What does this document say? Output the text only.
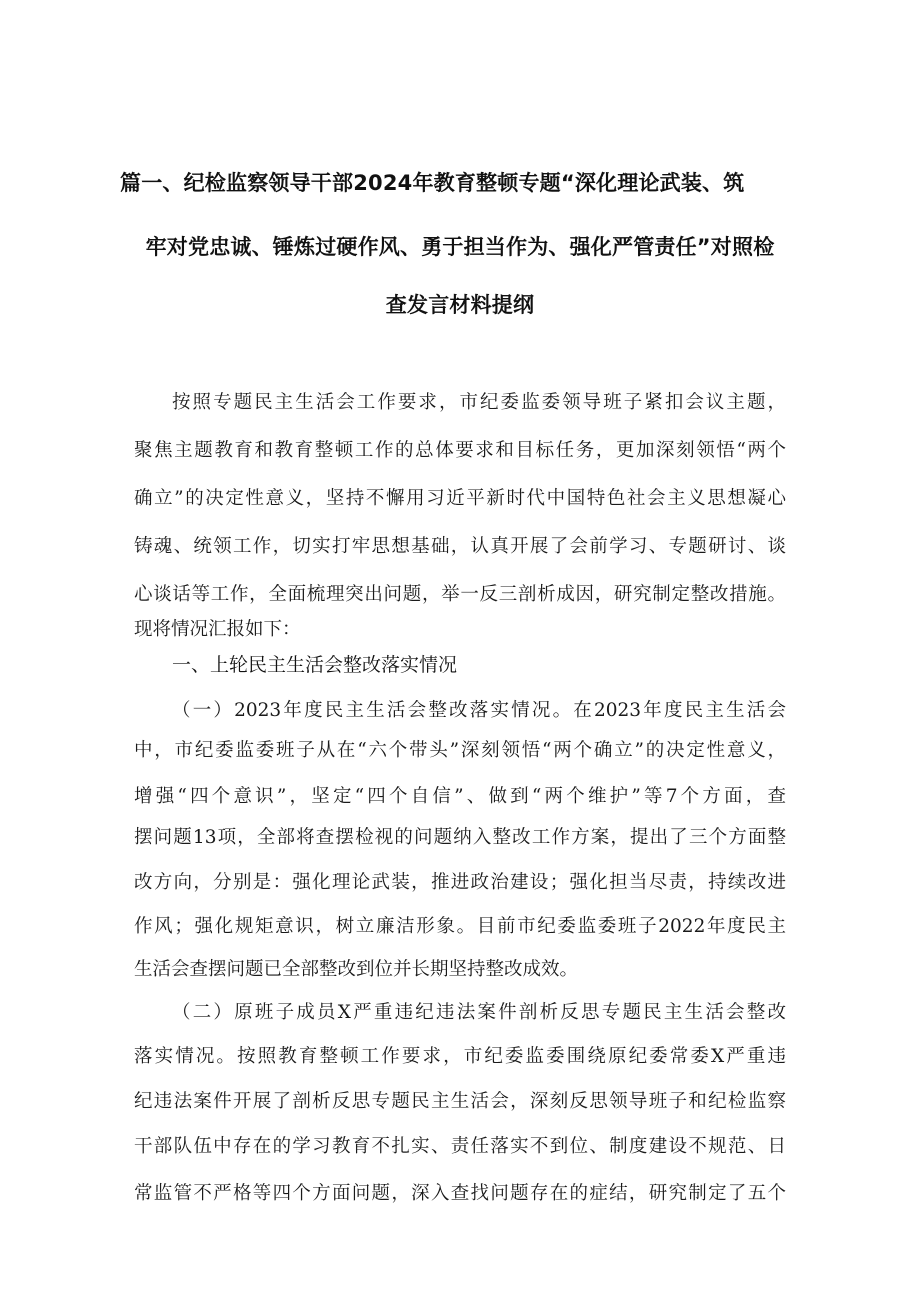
篇一、纪检监察领导干部2024年教育整顿专题“深化理论武装、筑
牢对党忠诚、锤炼过硬作风、勇于担当作为、强化严管责任”对照检
查发言材料提纲
按照专题民主生活会工作要求，市纪委监委领导班子紧扣会议主题，
聚焦主题教育和教育整顿工作的总体要求和目标任务，更加深刻领悟“两个
确立”的决定性意义，坚持不懈用习近平新时代中国特色社会主义思想凝心
铸魂、统领工作，切实打牢思想基础，认真开展了会前学习、专题研讨、谈
心谈话等工作，全面梳理突出问题，举一反三剖析成因，研究制定整改措施。
现将情况汇报如下：
一、上轮民主生活会整改落实情况
（一）2023年度民主生活会整改落实情况。在2023年度民主生活会
中，市纪委监委班子从在“六个带头”深刻领悟“两个确立”的决定性意义，
增强“四个意识”，坚定“四个自信”、做到“两个维护”等7个方面，查
摆问题13项，全部将查摆检视的问题纳入整改工作方案，提出了三个方面整
改方向，分别是：强化理论武装，推进政治建设；强化担当尽责，持续改进
作风；强化规矩意识，树立廉洁形象。目前市纪委监委班子2022年度民主
生活会查摆问题已全部整改到位并长期坚持整改成效。
（二）原班子成员X严重违纪违法案件剖析反思专题民主生活会整改
落实情况。按照教育整顿工作要求，市纪委监委围绕原纪委常委X严重违
纪违法案件开展了剖析反思专题民主生活会，深刻反思领导班子和纪检监察
干部队伍中存在的学习教育不扎实、责任落实不到位、制度建设不规范、日
常监管不严格等四个方面问题，深入查找问题存在的症结，研究制定了五个
